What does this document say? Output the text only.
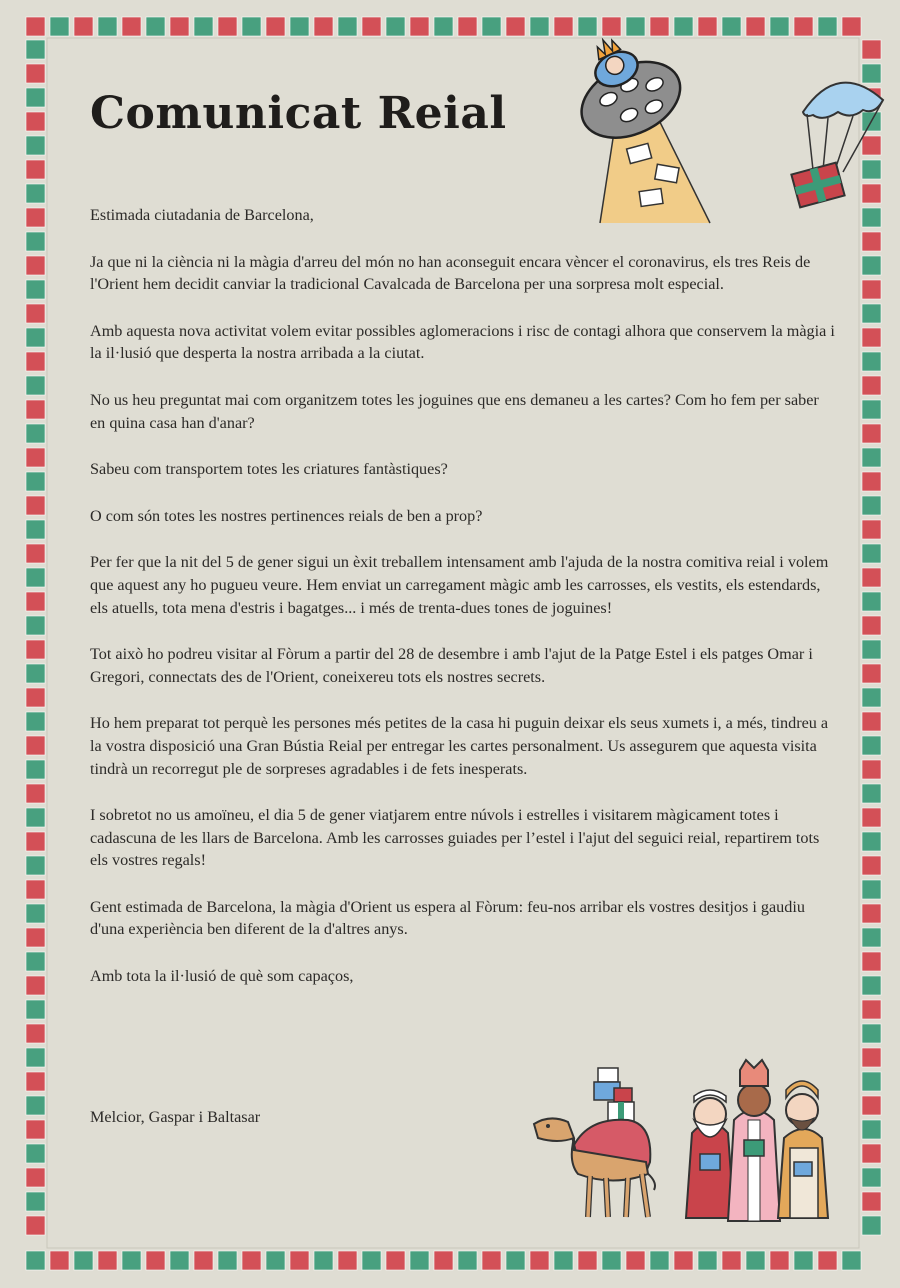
Comunicat Reial

Estimada ciutadania de Barcelona,

Ja que ni la ciència ni la màgia d'arreu del món no han aconseguit encara vèncer el coronavirus, els tres Reis de l'Orient hem decidit canviar la tradicional Cavalcada de Barcelona per una sorpresa molt especial.

Amb aquesta nova activitat volem evitar possibles aglomeracions i risc de contagi alhora que conservem la màgia i la il·lusió que desperta la nostra arribada a la ciutat.

No us heu preguntat mai com organitzem totes les joguines que ens demaneu a les cartes? Com ho fem per saber en quina casa han d'anar?

Sabeu com transportem totes les criatures fantàstiques?

O com són totes les nostres pertinences reials de ben a prop?

Per fer que la nit del 5 de gener sigui un èxit treballem intensament amb l'ajuda de la nostra comitiva reial i volem que aquest any ho pugueu veure. Hem enviat un carregament màgic amb les carrosses, els vestits, els estendards, els atuells, tota mena d'estris i bagatges... i més de trenta-dues tones de joguines!

Tot això ho podreu visitar al Fòrum a partir del 28 de desembre i amb l'ajut de la Patge Estel i els patges Omar i Gregori, connectats des de l'Orient, coneixereu tots els nostres secrets.

Ho hem preparat tot perquè les persones més petites de la casa hi puguin deixar els seus xumets i, a més, tindreu a la vostra disposició una Gran Bústia Reial per entregar les cartes personalment. Us assegurem que aquesta visita tindrà un recorregut ple de sorpreses agradables i de fets inesperats.

I sobretot no us amoïneu, el dia 5 de gener viatjarem entre núvols i estrelles i visitarem màgicament totes i cadascuna de les llars de Barcelona. Amb les carrosses guiades per l’estel i l'ajut del seguici reial, repartirem tots els vostres regals!

Gent estimada de Barcelona, la màgia d'Orient us espera al Fòrum: feu-nos arribar els vostres desitjos i gaudiu d'una experiència ben diferent de la d'altres anys.

Amb tota la il·lusió de què som capaços,

Melcior, Gaspar i Baltasar
